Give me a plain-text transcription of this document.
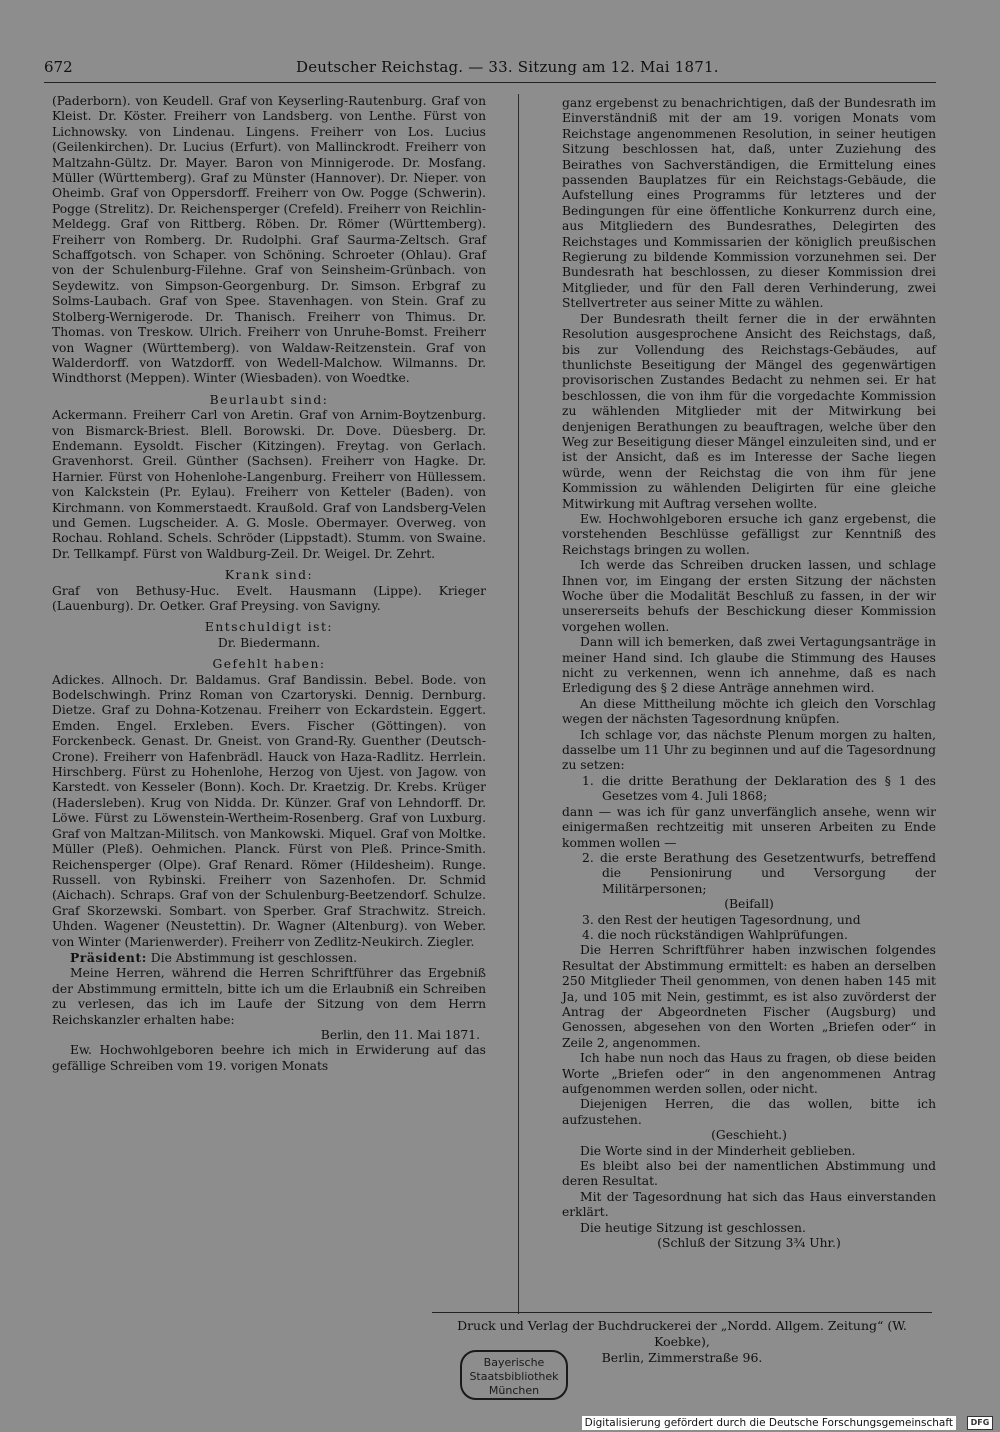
672	Deutscher Reichstag. — 33. Sitzung am 12. Mai 1871.

(Paderborn). von Keudell. Graf von Keyserling-Rautenburg. Graf von Kleist. Dr. Köster. Freiherr von Landsberg. von Lenthe. Fürst von Lichnowsky. von Lindenau. Lingens. Freiherr von Los. Lucius (Geilenkirchen). Dr. Lucius (Erfurt). von Mallinckrodt. Freiherr von Maltzahn-Gültz. Dr. Mayer. Baron von Minnigerode. Dr. Mosfang. Müller (Württemberg). Graf zu Münster (Hannover). Dr. Nieper. von Oheimb. Graf von Oppersdorff. Freiherr von Ow. Pogge (Schwerin). Pogge (Strelitz). Dr. Reichensperger (Crefeld). Freiherr von Reichlin-Meldegg. Graf von Rittberg. Röben. Dr. Römer (Württemberg). Freiherr von Romberg. Dr. Rudolphi. Graf Saurma-Zeltsch. Graf Schaffgotsch. von Schaper. von Schöning. Schroeter (Ohlau). Graf von der Schulenburg-Filehne. Graf von Seinsheim-Grünbach. von Seydewitz. von Simpson-Georgenburg. Dr. Simson. Erbgraf zu Solms-Laubach. Graf von Spee. Stavenhagen. von Stein. Graf zu Stolberg-Wernigerode. Dr. Thanisch. Freiherr von Thimus. Dr. Thomas. von Treskow. Ulrich. Freiherr von Unruhe-Bomst. Freiherr von Wagner (Württemberg). von Waldaw-Reitzenstein. Graf von Walderdorff. von Watzdorff. von Wedell-Malchow. Wilmanns. Dr. Windthorst (Meppen). Winter (Wiesbaden). von Woedtke.

Beurlaubt sind:

Ackermann. Freiherr Carl von Aretin. Graf von Arnim-Boytzenburg. von Bismarck-Briest. Blell. Borowski. Dr. Dove. Düesberg. Dr. Endemann. Eysoldt. Fischer (Kitzingen). Freytag. von Gerlach. Gravenhorst. Greil. Günther (Sachsen). Freiherr von Hagke. Dr. Harnier. Fürst von Hohenlohe-Langenburg. Freiherr von Hüllessem. von Kalckstein (Pr. Eylau). Freiherr von Ketteler (Baden). von Kirchmann. von Kommerstaedt. Kraußold. Graf von Landsberg-Velen und Gemen. Lugscheider. A. G. Mosle. Obermayer. Overweg. von Rochau. Rohland. Schels. Schröder (Lippstadt). Stumm. von Swaine. Dr. Tellkampf. Fürst von Waldburg-Zeil. Dr. Weigel. Dr. Zehrt.

Krank sind:

Graf von Bethusy-Huc. Evelt. Hausmann (Lippe). Krieger (Lauenburg). Dr. Oetker. Graf Preysing. von Savigny.

Entschuldigt ist:

Dr. Biedermann.

Gefehlt haben:

Adickes. Allnoch. Dr. Baldamus. Graf Bandissin. Bebel. Bode. von Bodelschwingh. Prinz Roman von Czartoryski. Dennig. Dernburg. Dietze. Graf zu Dohna-Kotzenau. Freiherr von Eckardstein. Eggert. Emden. Engel. Erxleben. Evers. Fischer (Göttingen). von Forckenbeck. Genast. Dr. Gneist. von Grand-Ry. Guenther (Deutsch-Crone). Freiherr von Hafenbrädl. Hauck von Haza-Radlitz. Herrlein. Hirschberg. Fürst zu Hohenlohe, Herzog von Ujest. von Jagow. von Karstedt. von Kesseler (Bonn). Koch. Dr. Kraetzig. Dr. Krebs. Krüger (Hadersleben). Krug von Nidda. Dr. Künzer. Graf von Lehndorff. Dr. Löwe. Fürst zu Löwenstein-Wertheim-Rosenberg. Graf von Luxburg. Graf von Maltzan-Militsch. von Mankowski. Miquel. Graf von Moltke. Müller (Pleß). Oehmichen. Planck. Fürst von Pleß. Prince-Smith. Reichensperger (Olpe). Graf Renard. Römer (Hildesheim). Runge. Russell. von Rybinski. Freiherr von Sazenhofen. Dr. Schmid (Aichach). Schraps. Graf von der Schulenburg-Beetzendorf. Schulze. Graf Skorzewski. Sombart. von Sperber. Graf Strachwitz. Streich. Uhden. Wagener (Neustettin). Dr. Wagner (Altenburg). von Weber. von Winter (Marienwerder). Freiherr von Zedlitz-Neukirch. Ziegler.

Präsident: Die Abstimmung ist geschlossen.

Meine Herren, während die Herren Schriftführer das Ergebniß der Abstimmung ermitteln, bitte ich um die Erlaubniß ein Schreiben zu verlesen, das ich im Laufe der Sitzung von dem Herrn Reichskanzler erhalten habe:

Berlin, den 11. Mai 1871.

Ew. Hochwohlgeboren beehre ich mich in Erwiderung auf das gefällige Schreiben vom 19. vorigen Monats

ganz ergebenst zu benachrichtigen, daß der Bundesrath im Einverständniß mit der am 19. vorigen Monats vom Reichstage angenommenen Resolution, in seiner heutigen Sitzung beschlossen hat, daß, unter Zuziehung des Beirathes von Sachverständigen, die Ermittelung eines passenden Bauplatzes für ein Reichstags-Gebäude, die Aufstellung eines Programms für letzteres und der Bedingungen für eine öffentliche Konkurrenz durch eine, aus Mitgliedern des Bundesrathes, Delegirten des Reichstages und Kommissarien der königlich preußischen Regierung zu bildende Kommission vorzunehmen sei. Der Bundesrath hat beschlossen, zu dieser Kommission drei Mitglieder, und für den Fall deren Verhinderung, zwei Stellvertreter aus seiner Mitte zu wählen.

Der Bundesrath theilt ferner die in der erwähnten Resolution ausgesprochene Ansicht des Reichstags, daß, bis zur Vollendung des Reichstags-Gebäudes, auf thunlichste Beseitigung der Mängel des gegenwärtigen provisorischen Zustandes Bedacht zu nehmen sei. Er hat beschlossen, die von ihm für die vorgedachte Kommission zu wählenden Mitglieder mit der Mitwirkung bei denjenigen Berathungen zu beauftragen, welche über den Weg zur Beseitigung dieser Mängel einzuleiten sind, und er ist der Ansicht, daß es im Interesse der Sache liegen würde, wenn der Reichstag die von ihm für jene Kommission zu wählenden Deligirten für eine gleiche Mitwirkung mit Auftrag versehen wollte.

Ew. Hochwohlgeboren ersuche ich ganz ergebenst, die vorstehenden Beschlüsse gefälligst zur Kenntniß des Reichstags bringen zu wollen.

Ich werde das Schreiben drucken lassen, und schlage Ihnen vor, im Eingang der ersten Sitzung der nächsten Woche über die Modalität Beschluß zu fassen, in der wir unsererseits behufs der Beschickung dieser Kommission vorgehen wollen.

Dann will ich bemerken, daß zwei Vertagungsanträge in meiner Hand sind. Ich glaube die Stimmung des Hauses nicht zu verkennen, wenn ich annehme, daß es nach Erledigung des § 2 diese Anträge annehmen wird.

An diese Mittheilung möchte ich gleich den Vorschlag wegen der nächsten Tagesordnung knüpfen.

Ich schlage vor, das nächste Plenum morgen zu halten, dasselbe um 11 Uhr zu beginnen und auf die Tagesordnung zu setzen:

1. die dritte Berathung der Deklaration des § 1 des Gesetzes vom 4. Juli 1868;

dann — was ich für ganz unverfänglich ansehe, wenn wir einigermaßen rechtzeitig mit unseren Arbeiten zu Ende kommen wollen —

2. die erste Berathung des Gesetzentwurfs, betreffend die Pensionirung und Versorgung der Militärpersonen;

(Beifall)

3. den Rest der heutigen Tagesordnung, und

4. die noch rückständigen Wahlprüfungen.

Die Herren Schriftführer haben inzwischen folgendes Resultat der Abstimmung ermittelt: es haben an derselben 250 Mitglieder Theil genommen, von denen haben 145 mit Ja, und 105 mit Nein, gestimmt, es ist also zuvörderst der Antrag der Abgeordneten Fischer (Augsburg) und Genossen, abgesehen von den Worten „Briefen oder“ in Zeile 2, angenommen.

Ich habe nun noch das Haus zu fragen, ob diese beiden Worte „Briefen oder“ in den angenommenen Antrag aufgenommen werden sollen, oder nicht.

Diejenigen Herren, die das wollen, bitte ich aufzustehen.

(Geschieht.)

Die Worte sind in der Minderheit geblieben.

Es bleibt also bei der namentlichen Abstimmung und deren Resultat.

Mit der Tagesordnung hat sich das Haus einverstanden erklärt.

Die heutige Sitzung ist geschlossen.

(Schluß der Sitzung 3¾ Uhr.)

Druck und Verlag der Buchdruckerei der „Nordd. Allgem. Zeitung“ (W. Koebke),
Berlin, Zimmerstraße 96.
Bayerische
Staatsbibliothek
München
Digitalisierung gefördert durch die Deutsche Forschungsgemeinschaft	DFG
